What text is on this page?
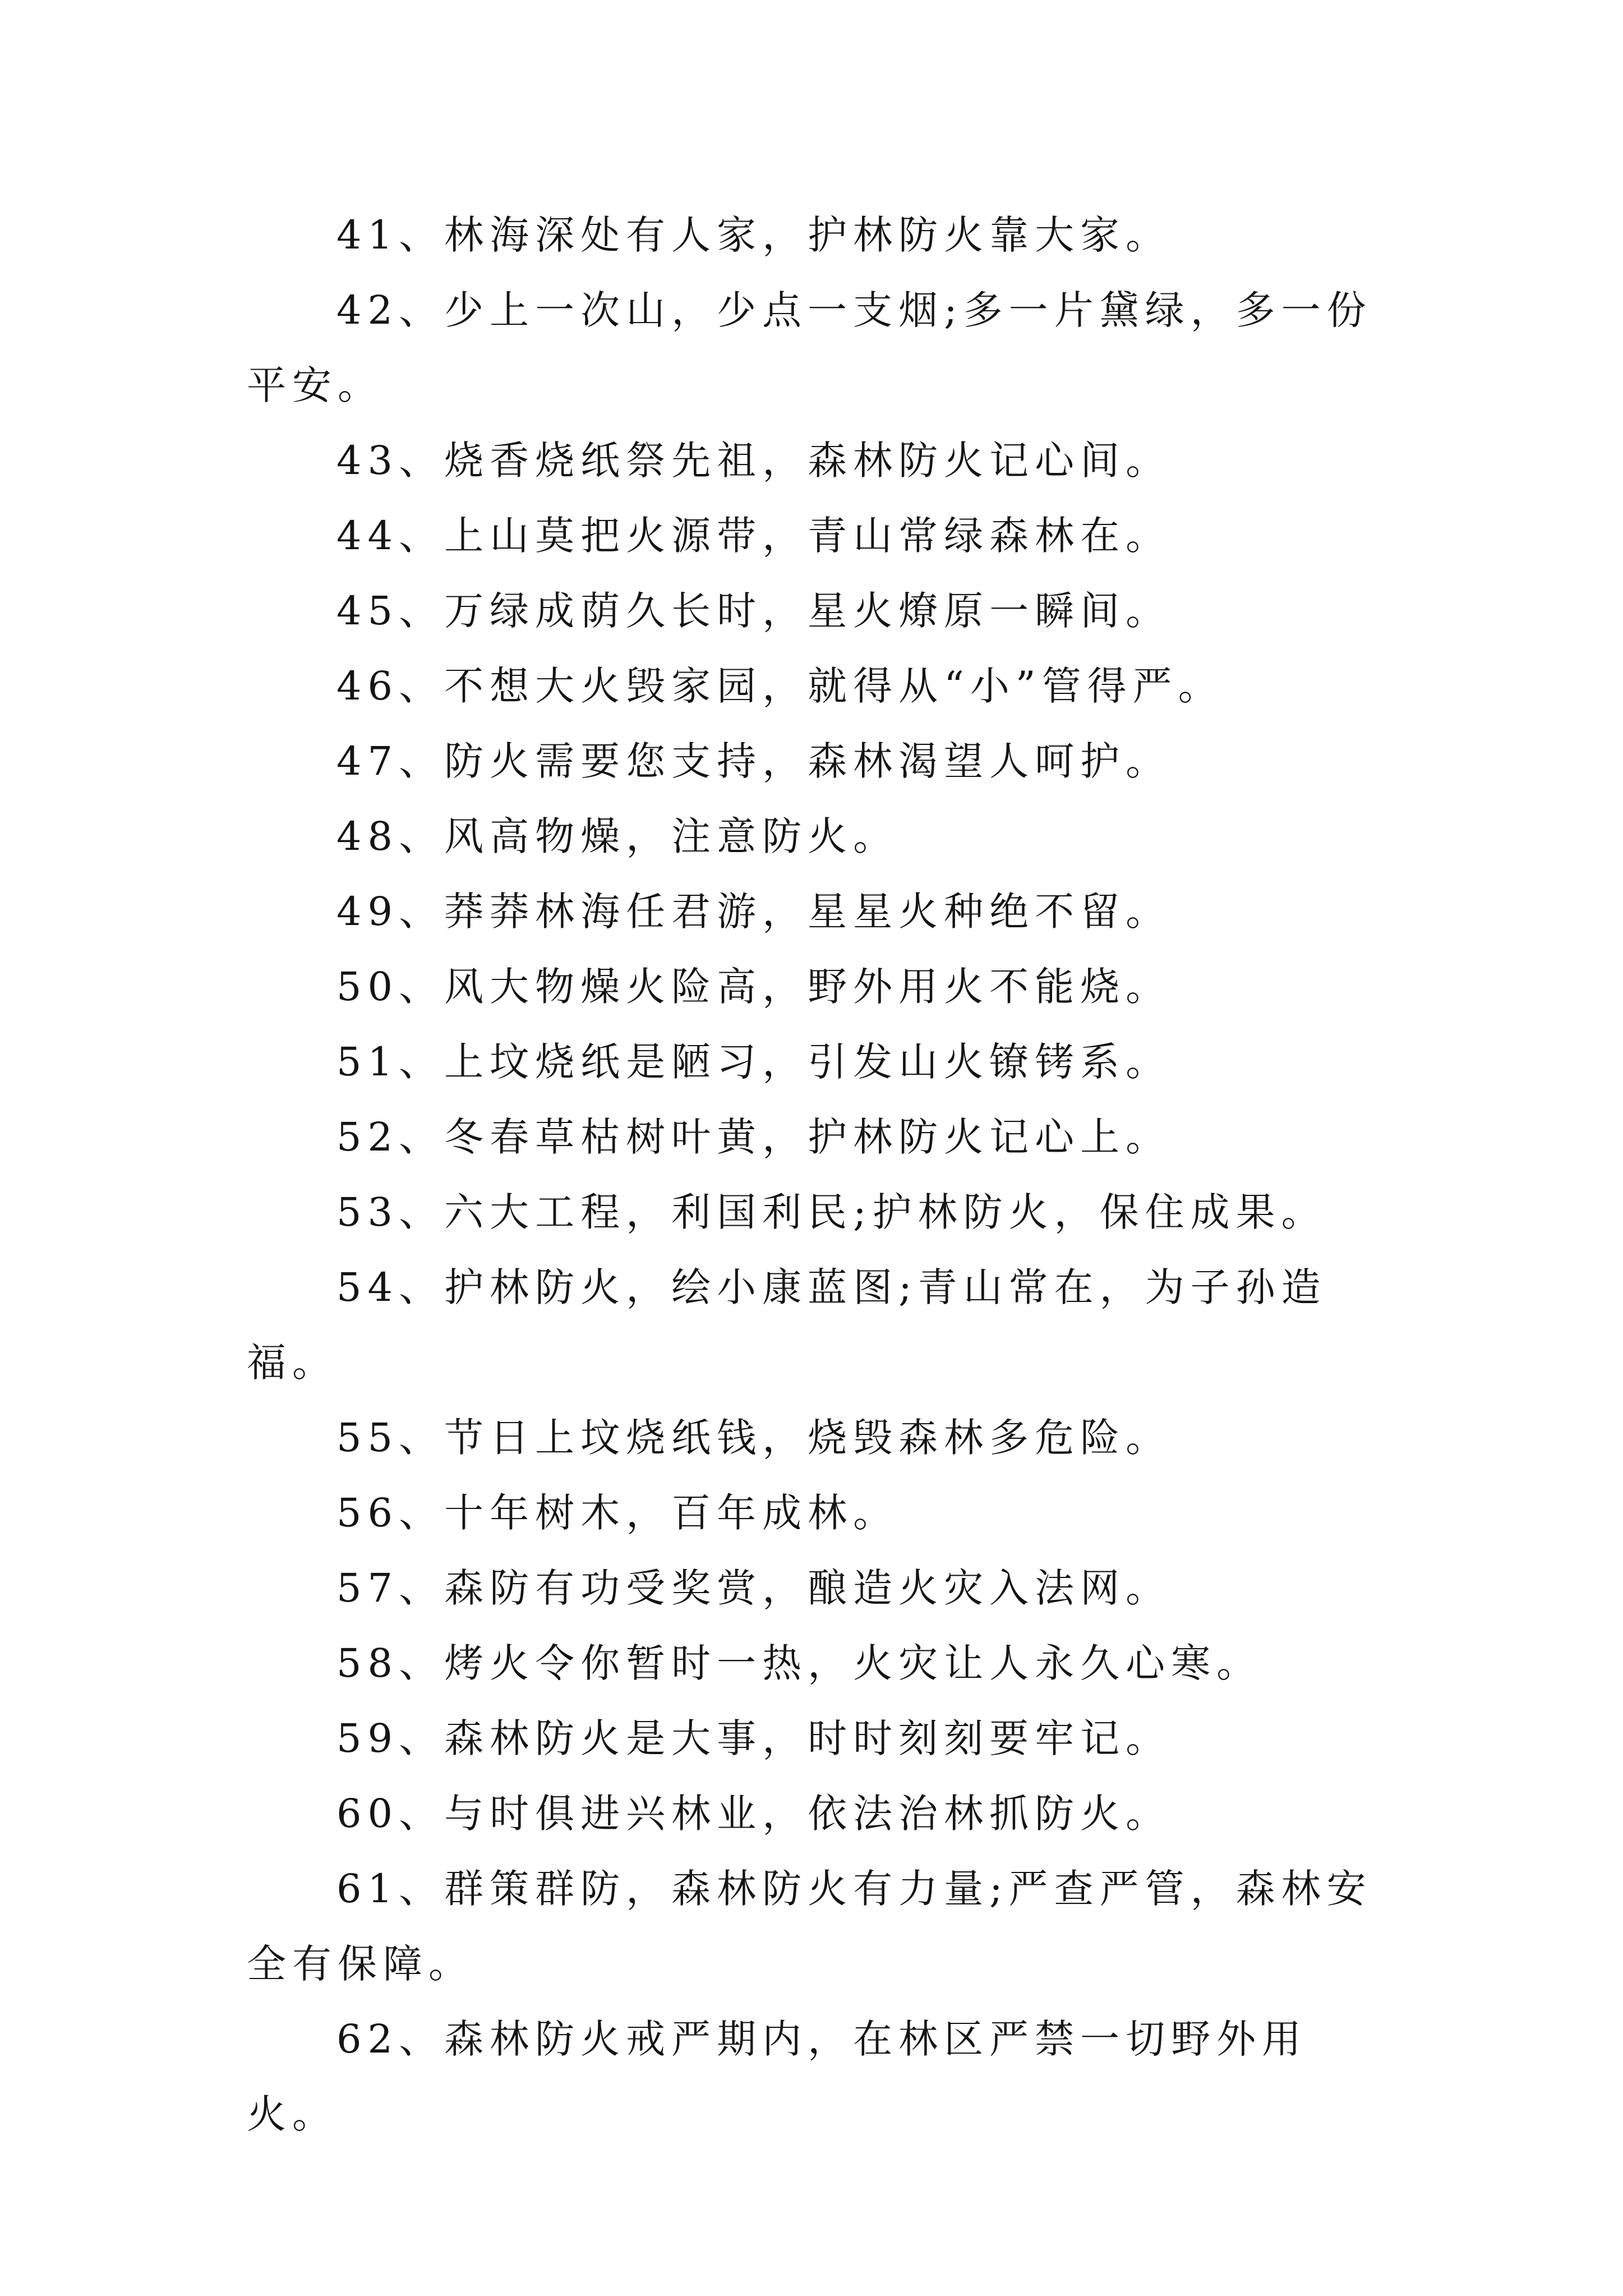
41、林海深处有人家，护林防火靠大家。

42、少上一次山，少点一支烟;多一片黛绿，多一份平安。

43、烧香烧纸祭先祖，森林防火记心间。

44、上山莫把火源带，青山常绿森林在。

45、万绿成荫久长时，星火燎原一瞬间。

46、不想大火毁家园，就得从“小”管得严。

47、防火需要您支持，森林渴望人呵护。

48、风高物燥，注意防火。

49、莽莽林海任君游，星星火种绝不留。

50、风大物燥火险高，野外用火不能烧。

51、上坟烧纸是陋习，引发山火镣铐系。

52、冬春草枯树叶黄，护林防火记心上。

53、六大工程，利国利民;护林防火，保住成果。

54、护林防火，绘小康蓝图;青山常在，为子孙造福。

55、节日上坟烧纸钱，烧毁森林多危险。

56、十年树木，百年成林。

57、森防有功受奖赏，酿造火灾入法网。

58、烤火令你暂时一热，火灾让人永久心寒。

59、森林防火是大事，时时刻刻要牢记。

60、与时俱进兴林业，依法治林抓防火。

61、群策群防，森林防火有力量;严查严管，森林安全有保障。

62、森林防火戒严期内，在林区严禁一切野外用火。
